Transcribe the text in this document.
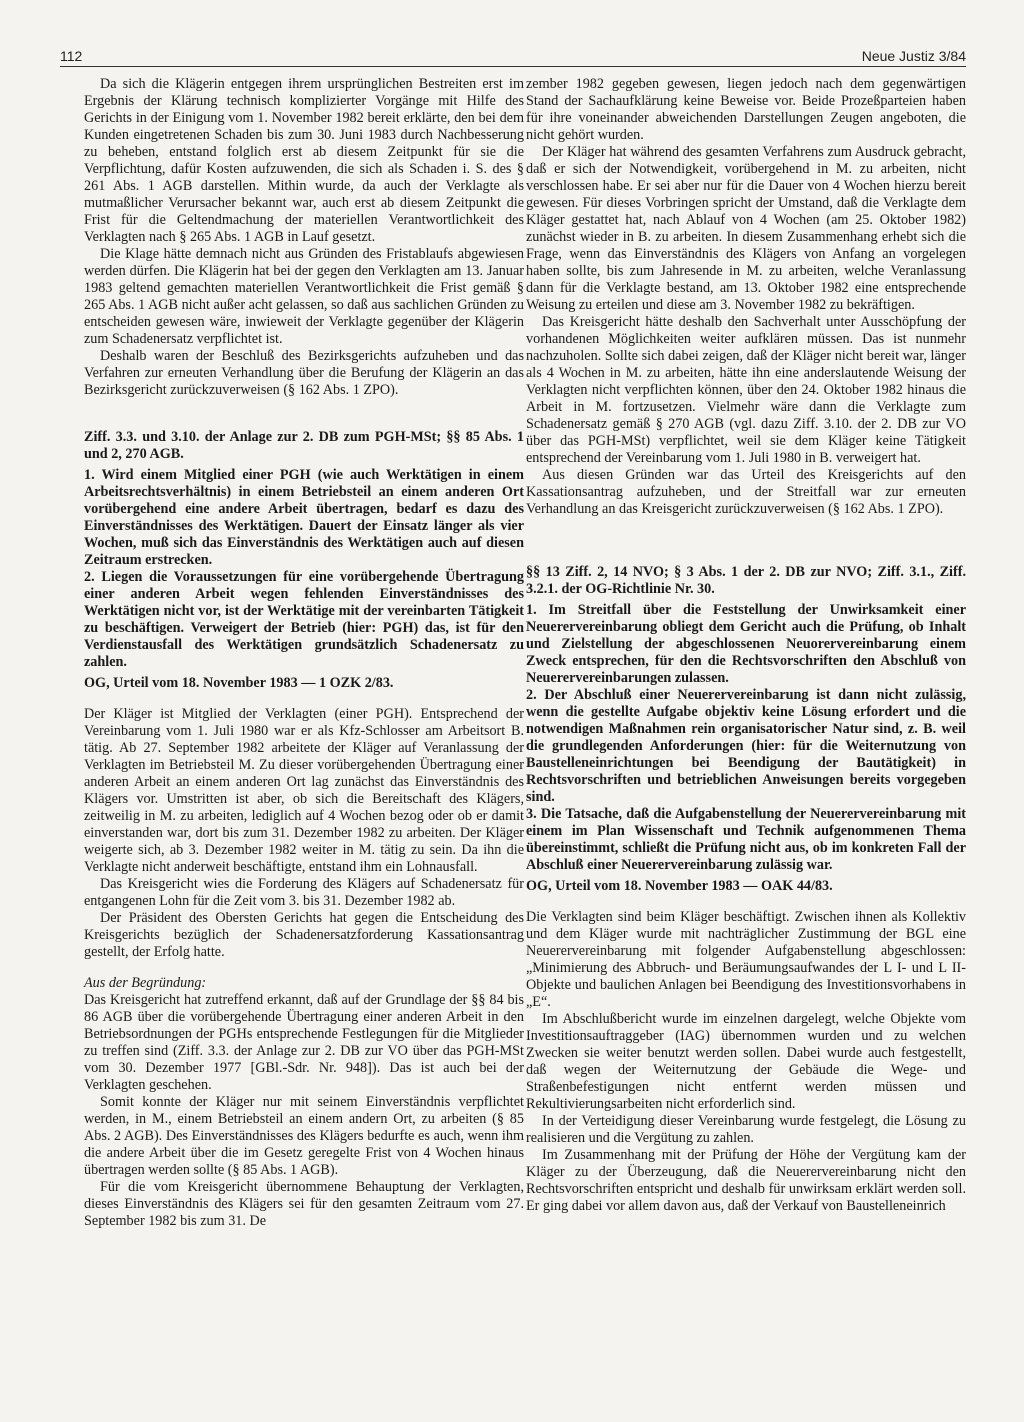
112	Neue Justiz 3/84

Da sich die Klägerin entgegen ihrem ursprünglichen Bestreiten erst im Ergebnis der Klärung technisch komplizierter Vorgänge mit Hilfe des Gerichts in der Einigung vom 1. November 1982 bereit erklärte, den bei dem Kunden eingetretenen Schaden bis zum 30. Juni 1983 durch Nachbesserung zu beheben, entstand folglich erst ab diesem Zeitpunkt für sie die Verpflichtung, dafür Kosten aufzuwenden, die sich als Schaden i. S. des § 261 Abs. 1 AGB darstellen. Mithin wurde, da auch der Verklagte als mutmaßlicher Verursacher bekannt war, auch erst ab diesem Zeitpunkt die Frist für die Geltendmachung der materiellen Verantwortlichkeit des Verklagten nach § 265 Abs. 1 AGB in Lauf gesetzt.

Die Klage hätte demnach nicht aus Gründen des Fristablaufs abgewiesen werden dürfen. Die Klägerin hat bei der gegen den Verklagten am 13. Januar 1983 geltend gemachten materiellen Verantwortlichkeit die Frist gemäß § 265 Abs. 1 AGB nicht außer acht gelassen, so daß aus sachlichen Gründen zu entscheiden gewesen wäre, inwieweit der Verklagte gegenüber der Klägerin zum Schadenersatz verpflichtet ist.

Deshalb waren der Beschluß des Bezirksgerichts aufzuheben und das Verfahren zur erneuten Verhandlung über die Berufung der Klägerin an das Bezirksgericht zurückzuverweisen (§ 162 Abs. 1 ZPO).

Ziff. 3.3. und 3.10. der Anlage zur 2. DB zum PGH-MSt; §§ 85 Abs. 1 und 2, 270 AGB.

1. Wird einem Mitglied einer PGH (wie auch Werktätigen in einem Arbeitsrechtsverhältnis) in einem Betriebsteil an einem anderen Ort vorübergehend eine andere Arbeit übertragen, bedarf es dazu des Einverständnisses des Werktätigen. Dauert der Einsatz länger als vier Wochen, muß sich das Einverständnis des Werktätigen auch auf diesen Zeitraum erstrecken.

2. Liegen die Voraussetzungen für eine vorübergehende Übertragung einer anderen Arbeit wegen fehlenden Einverständnisses des Werktätigen nicht vor, ist der Werktätige mit der vereinbarten Tätigkeit zu beschäftigen. Verweigert der Betrieb (hier: PGH) das, ist für den Verdienstausfall des Werktätigen grundsätzlich Schadenersatz zu zahlen.

OG, Urteil vom 18. November 1983 — 1 OZK 2/83.

Der Kläger ist Mitglied der Verklagten (einer PGH). Entsprechend der Vereinbarung vom 1. Juli 1980 war er als Kfz-Schlosser am Arbeitsort B. tätig. Ab 27. September 1982 arbeitete der Kläger auf Veranlassung der Verklagten im Betriebsteil M. Zu dieser vorübergehenden Übertragung einer anderen Arbeit an einem anderen Ort lag zunächst das Einverständnis des Klägers vor. Umstritten ist aber, ob sich die Bereitschaft des Klägers, zeitweilig in M. zu arbeiten, lediglich auf 4 Wochen bezog oder ob er damit einverstanden war, dort bis zum 31. Dezember 1982 zu arbeiten. Der Kläger weigerte sich, ab 3. Dezember 1982 weiter in M. tätig zu sein. Da ihn die Verklagte nicht anderweit beschäftigte, entstand ihm ein Lohnausfall.

Das Kreisgericht wies die Forderung des Klägers auf Schadenersatz für entgangenen Lohn für die Zeit vom 3. bis 31. Dezember 1982 ab.

Der Präsident des Obersten Gerichts hat gegen die Entscheidung des Kreisgerichts bezüglich der Schadenersatzforderung Kassationsantrag gestellt, der Erfolg hatte.

Aus der Begründung:

Das Kreisgericht hat zutreffend erkannt, daß auf der Grundlage der §§ 84 bis 86 AGB über die vorübergehende Übertragung einer anderen Arbeit in den Betriebsordnungen der PGHs entsprechende Festlegungen für die Mitglieder zu treffen sind (Ziff. 3.3. der Anlage zur 2. DB zur VO über das PGH-MSt vom 30. Dezember 1977 [GBl.-Sdr. Nr. 948]). Das ist auch bei der Verklagten geschehen.

Somit konnte der Kläger nur mit seinem Einverständnis verpflichtet werden, in M., einem Betriebsteil an einem andern Ort, zu arbeiten (§ 85 Abs. 2 AGB). Des Einverständnisses des Klägers bedurfte es auch, wenn ihm die andere Arbeit über die im Gesetz geregelte Frist von 4 Wochen hinaus übertragen werden sollte (§ 85 Abs. 1 AGB).

Für die vom Kreisgericht übernommene Behauptung der Verklagten, dieses Einverständnis des Klägers sei für den gesamten Zeitraum vom 27. September 1982 bis zum 31. De

zember 1982 gegeben gewesen, liegen jedoch nach dem gegenwärtigen Stand der Sachaufklärung keine Beweise vor. Beide Prozeßparteien haben für ihre voneinander abweichenden Darstellungen Zeugen angeboten, die nicht gehört wurden.

Der Kläger hat während des gesamten Verfahrens zum Ausdruck gebracht, daß er sich der Notwendigkeit, vorübergehend in M. zu arbeiten, nicht verschlossen habe. Er sei aber nur für die Dauer von 4 Wochen hierzu bereit gewesen. Für dieses Vorbringen spricht der Umstand, daß die Verklagte dem Kläger gestattet hat, nach Ablauf von 4 Wochen (am 25. Oktober 1982) zunächst wieder in B. zu arbeiten. In diesem Zusammenhang erhebt sich die Frage, wenn das Einverständnis des Klägers von Anfang an vorgelegen haben sollte, bis zum Jahresende in M. zu arbeiten, welche Veranlassung dann für die Verklagte bestand, am 13. Oktober 1982 eine entsprechende Weisung zu erteilen und diese am 3. November 1982 zu bekräftigen.

Das Kreisgericht hätte deshalb den Sachverhalt unter Ausschöpfung der vorhandenen Möglichkeiten weiter aufklären müssen. Das ist nunmehr nachzuholen. Sollte sich dabei zeigen, daß der Kläger nicht bereit war, länger als 4 Wochen in M. zu arbeiten, hätte ihn eine anderslautende Weisung der Verklagten nicht verpflichten können, über den 24. Oktober 1982 hinaus die Arbeit in M. fortzusetzen. Vielmehr wäre dann die Verklagte zum Schadenersatz gemäß § 270 AGB (vgl. dazu Ziff. 3.10. der 2. DB zur VO über das PGH-MSt) verpflichtet, weil sie dem Kläger keine Tätigkeit entsprechend der Vereinbarung vom 1. Juli 1980 in B. verweigert hat.

Aus diesen Gründen war das Urteil des Kreisgerichts auf den Kassationsantrag aufzuheben, und der Streitfall war zur erneuten Verhandlung an das Kreisgericht zurückzuverweisen (§ 162 Abs. 1 ZPO).

§§ 13 Ziff. 2, 14 NVO; § 3 Abs. 1 der 2. DB zur NVO; Ziff. 3.1., Ziff. 3.2.1. der OG-Richtlinie Nr. 30.

1. Im Streitfall über die Feststellung der Unwirksamkeit einer Neuerervereinbarung obliegt dem Gericht auch die Prüfung, ob Inhalt und Zielstellung der abgeschlossenen Neuorervereinbarung einem Zweck entsprechen, für den die Rechtsvorschriften den Abschluß von Neuerervereinbarungen zulassen.

2. Der Abschluß einer Neuerervereinbarung ist dann nicht zulässig, wenn die gestellte Aufgabe objektiv keine Lösung erfordert und die notwendigen Maßnahmen rein organisatorischer Natur sind, z. B. weil die grundlegenden Anforderungen (hier: für die Weiternutzung von Baustelleneinrichtungen bei Beendigung der Bautätigkeit) in Rechtsvorschriften und betrieblichen Anweisungen bereits vorgegeben sind.

3. Die Tatsache, daß die Aufgabenstellung der Neuerervereinbarung mit einem im Plan Wissenschaft und Technik aufgenommenen Thema übereinstimmt, schließt die Prüfung nicht aus, ob im konkreten Fall der Abschluß einer Neuerervereinbarung zulässig war.

OG, Urteil vom 18. November 1983 — OAK 44/83.

Die Verklagten sind beim Kläger beschäftigt. Zwischen ihnen als Kollektiv und dem Kläger wurde mit nachträglicher Zustimmung der BGL eine Neuerervereinbarung mit folgender Aufgabenstellung abgeschlossen: „Minimierung des Abbruch- und Beräumungsaufwandes der L I- und L II-Objekte und baulichen Anlagen bei Beendigung des Investitionsvorhabens in „E“.

Im Abschlußbericht wurde im einzelnen dargelegt, welche Objekte vom Investitionsauftraggeber (IAG) übernommen wurden und zu welchen Zwecken sie weiter benutzt werden sollen. Dabei wurde auch festgestellt, daß wegen der Weiternutzung der Gebäude die Wege- und Straßenbefestigungen nicht entfernt werden müssen und Rekultivierungsarbeiten nicht erforderlich sind.

In der Verteidigung dieser Vereinbarung wurde festgelegt, die Lösung zu realisieren und die Vergütung zu zahlen.

Im Zusammenhang mit der Prüfung der Höhe der Vergütung kam der Kläger zu der Überzeugung, daß die Neuerervereinbarung nicht den Rechtsvorschriften entspricht und deshalb für unwirksam erklärt werden soll. Er ging dabei vor allem davon aus, daß der Verkauf von Baustelleneinrich
